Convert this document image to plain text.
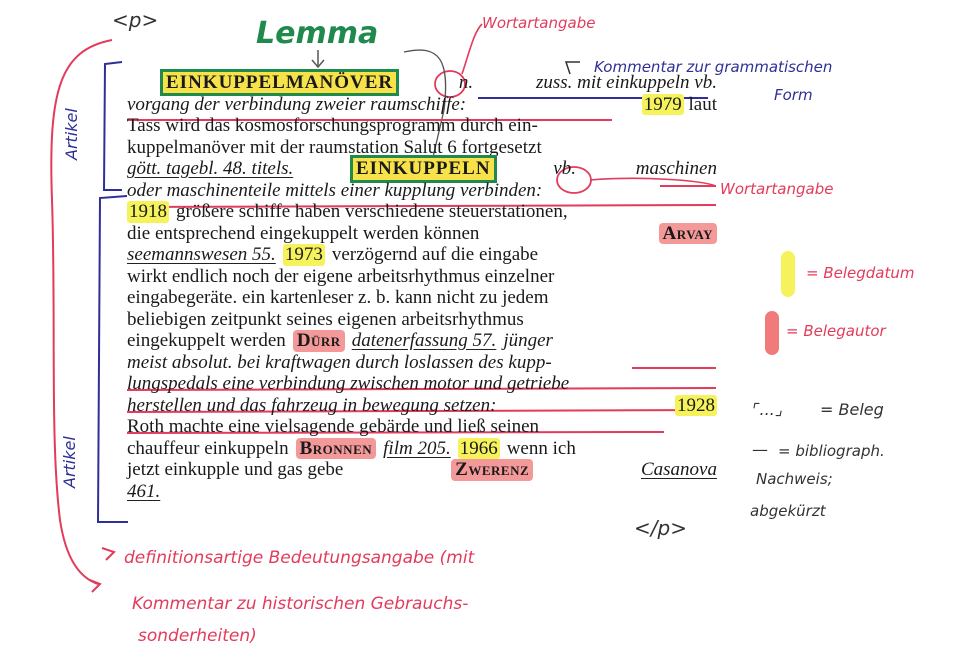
EINKUPPELMANÖVER	n.	zuss. mit einkuppeln vb.
vorgang der verbindung zweier raumschiffe:	1979 laut
Tass wird das kosmosforschungsprogramm durch ein-
kuppelmanöver mit der raumstation Salut 6 fortgesetzt
gött. tagebl. 48. titels.	EINKUPPELN	vb.	maschinen
oder maschinenteile mittels einer kupplung verbinden:
1918 größere schiffe haben verschiedene steuerstationen,
die entsprechend eingekuppelt werden können	Arvay
seemannswesen 55. 1973 verzögernd auf die eingabe
wirkt endlich noch der eigene arbeitsrhythmus einzelner
eingabegeräte. ein kartenleser z. b. kann nicht zu jedem
beliebigen zeitpunkt seines eigenen arbeitsrhythmus
eingekuppelt werden Dürr datenerfassung 57. jünger
meist absolut. bei kraftwagen durch loslassen des kupp-
lungspedals eine verbindung zwischen motor und getriebe
herstellen und das fahrzeug in bewegung setzen:	1928
Roth machte eine vielsagende gebärde und ließ seinen
chauffeur einkuppeln Bronnen film 205. 1966 wenn ich
jetzt einkupple und gas gebe	Zwerenz	Casanova
461.
<p>	Lemma	Wortartangabe
Kommentar zur grammatischen
Form
Artikel
Artikel
Wortartangabe
= Belegdatum
= Belegautor
⌜...⌟ = Beleg
— = bibliograph.
Nachweis;
abgekürzt
</p>
definitionsartige Bedeutungsangabe (mit
Kommentar zu historischen Gebrauchs-
sonderheiten)
